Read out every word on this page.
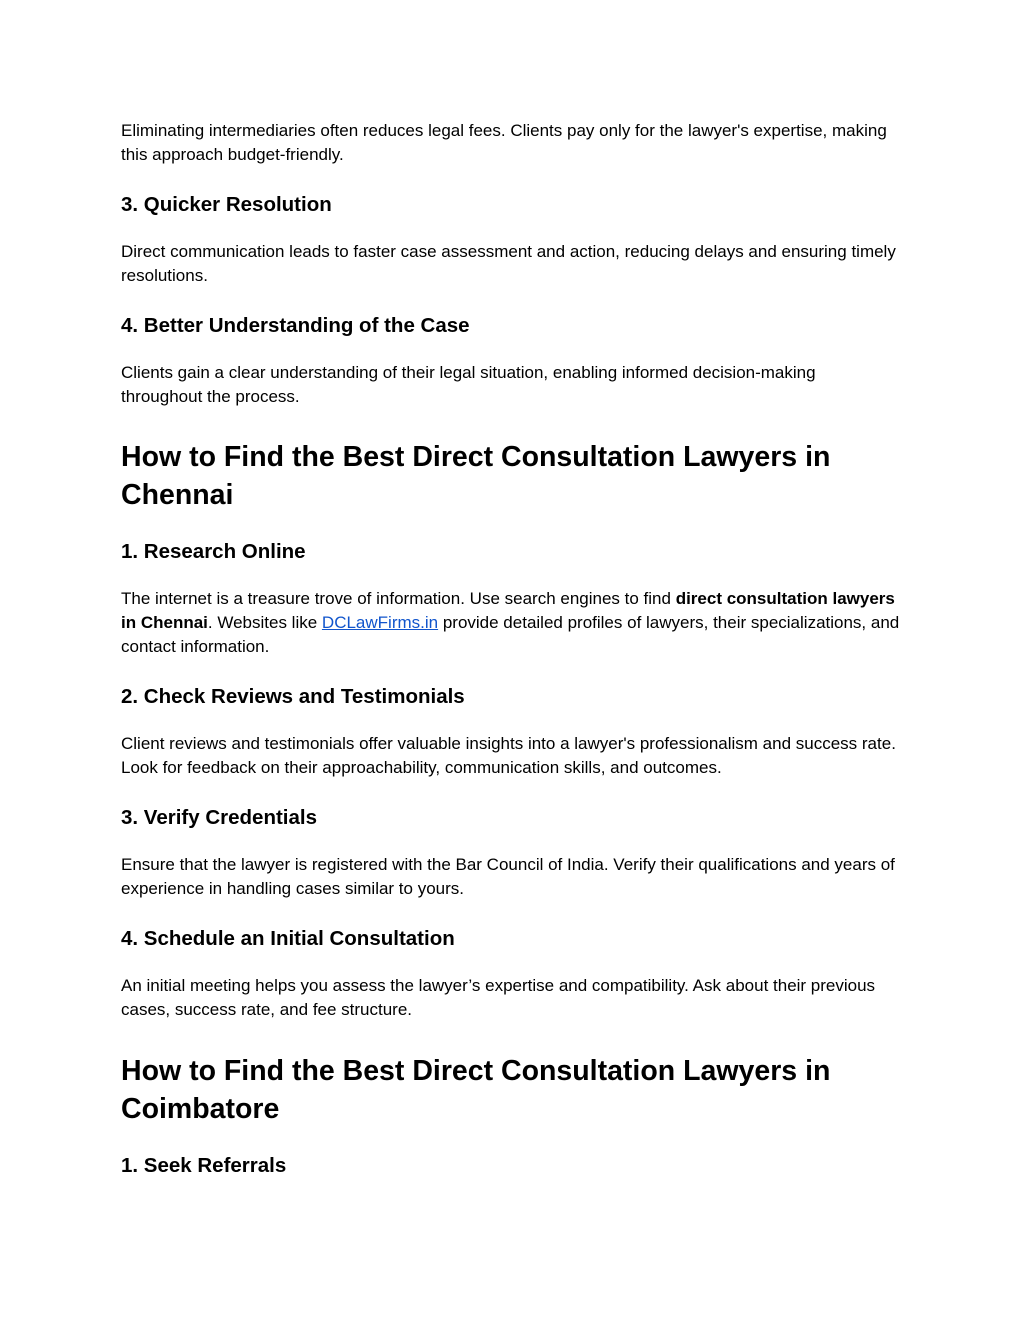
Eliminating intermediaries often reduces legal fees. Clients pay only for the lawyer's expertise, making this approach budget-friendly.

3. Quicker Resolution

Direct communication leads to faster case assessment and action, reducing delays and ensuring timely resolutions.

4. Better Understanding of the Case

Clients gain a clear understanding of their legal situation, enabling informed decision-making throughout the process.

How to Find the Best Direct Consultation Lawyers in Chennai
1. Research Online

The internet is a treasure trove of information. Use search engines to find direct consultation lawyers in Chennai. Websites like DCLawFirms.in provide detailed profiles of lawyers, their specializations, and contact information.

2. Check Reviews and Testimonials

Client reviews and testimonials offer valuable insights into a lawyer's professionalism and success rate. Look for feedback on their approachability, communication skills, and outcomes.

3. Verify Credentials

Ensure that the lawyer is registered with the Bar Council of India. Verify their qualifications and years of experience in handling cases similar to yours.

4. Schedule an Initial Consultation

An initial meeting helps you assess the lawyer’s expertise and compatibility. Ask about their previous cases, success rate, and fee structure.

How to Find the Best Direct Consultation Lawyers in Coimbatore
1. Seek Referrals
